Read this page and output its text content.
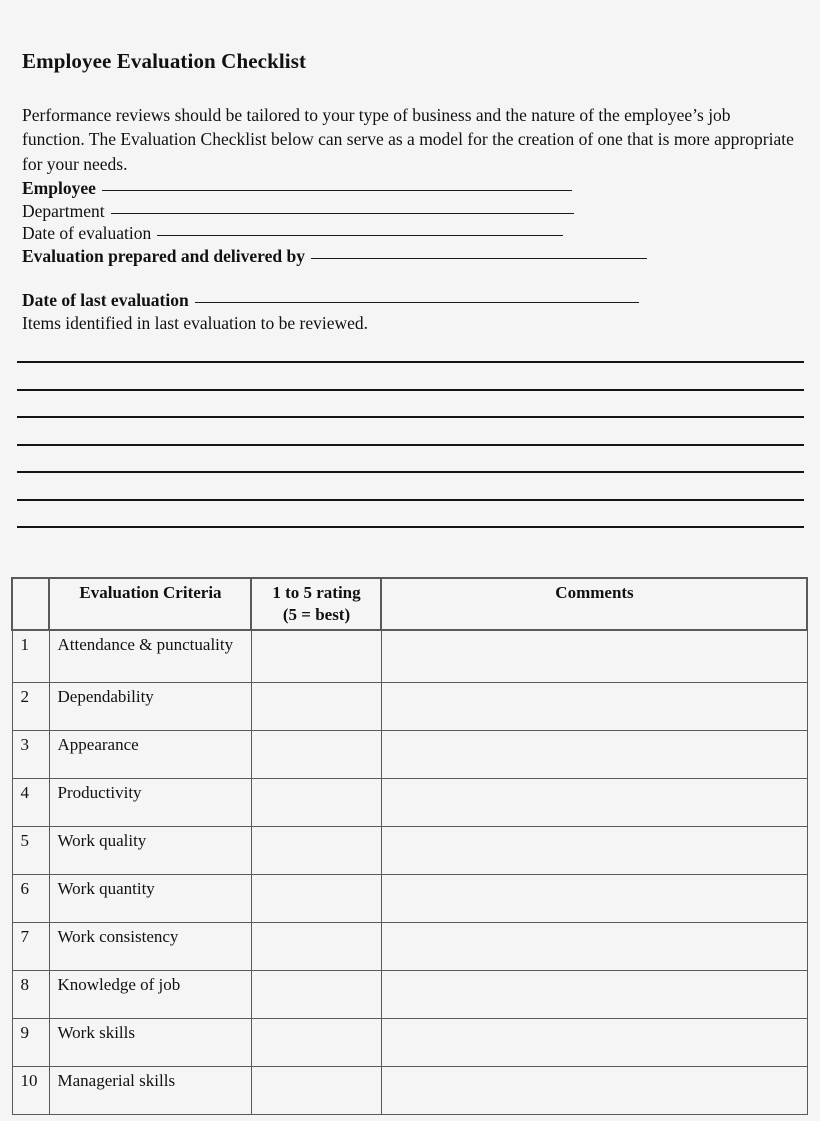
Employee Evaluation Checklist

Performance reviews should be tailored to your type of business and the nature of the employee’s job function. The Evaluation Checklist below can serve as a model for the creation of one that is more appropriate for your needs.

Employee
Department
Date of evaluation
Evaluation prepared and delivered by
Date of last evaluation
Items identified in last evaluation to be reviewed.
	Evaluation Criteria	1 to 5 rating
(5 = best)	Comments
1	Attendance & punctuality		
2	Dependability		
3	Appearance		
4	Productivity		
5	Work quality		
6	Work quantity		
7	Work consistency		
8	Knowledge of job		
9	Work skills		
10	Managerial skills		
